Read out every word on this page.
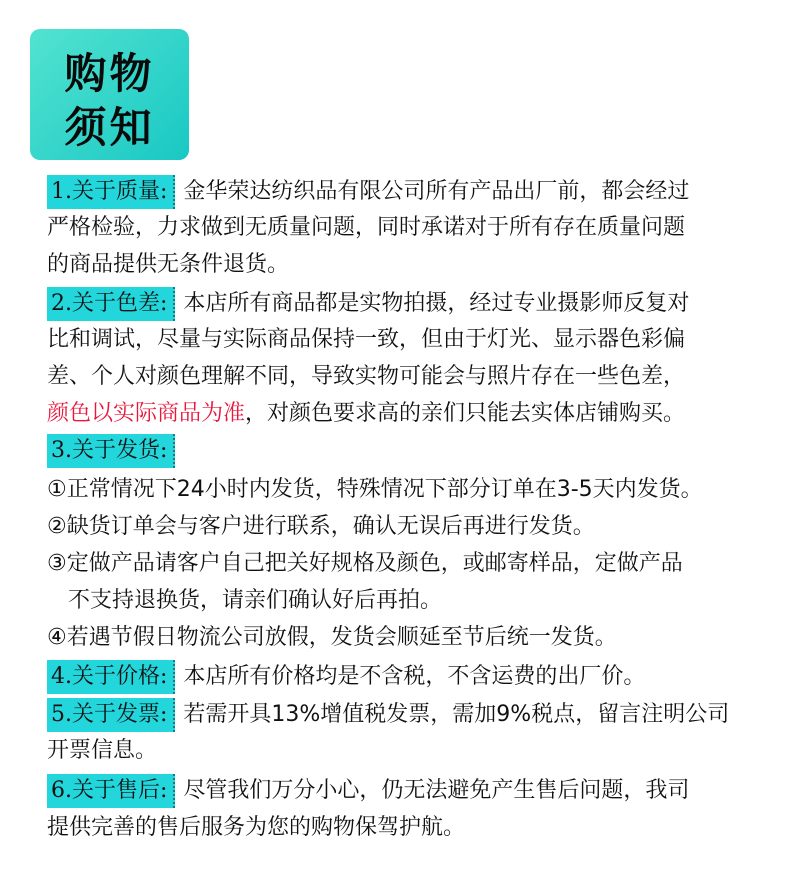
购物
须知
1.关于质量: 金华荣达纺织品有限公司所有产品出厂前，都会经过
严格检验，力求做到无质量问题，同时承诺对于所有存在质量问题
的商品提供无条件退货。
2.关于色差: 本店所有商品都是实物拍摄，经过专业摄影师反复对
比和调试，尽量与实际商品保持一致，但由于灯光、显示器色彩偏
差、个人对颜色理解不同，导致实物可能会与照片存在一些色差，
颜色以实际商品为准，对颜色要求高的亲们只能去实体店铺购买。
3.关于发货:
①正常情况下24小时内发货，特殊情况下部分订单在3-5天内发货。
②缺货订单会与客户进行联系，确认无误后再进行发货。
③定做产品请客户自己把关好规格及颜色，或邮寄样品，定做产品
不支持退换货，请亲们确认好后再拍。
④若遇节假日物流公司放假，发货会顺延至节后统一发货。
4.关于价格: 本店所有价格均是不含税，不含运费的出厂价。
5.关于发票: 若需开具13%增值税发票，需加9%税点，留言注明公司
开票信息。
6.关于售后: 尽管我们万分小心，仍无法避免产生售后问题，我司
提供完善的售后服务为您的购物保驾护航。
